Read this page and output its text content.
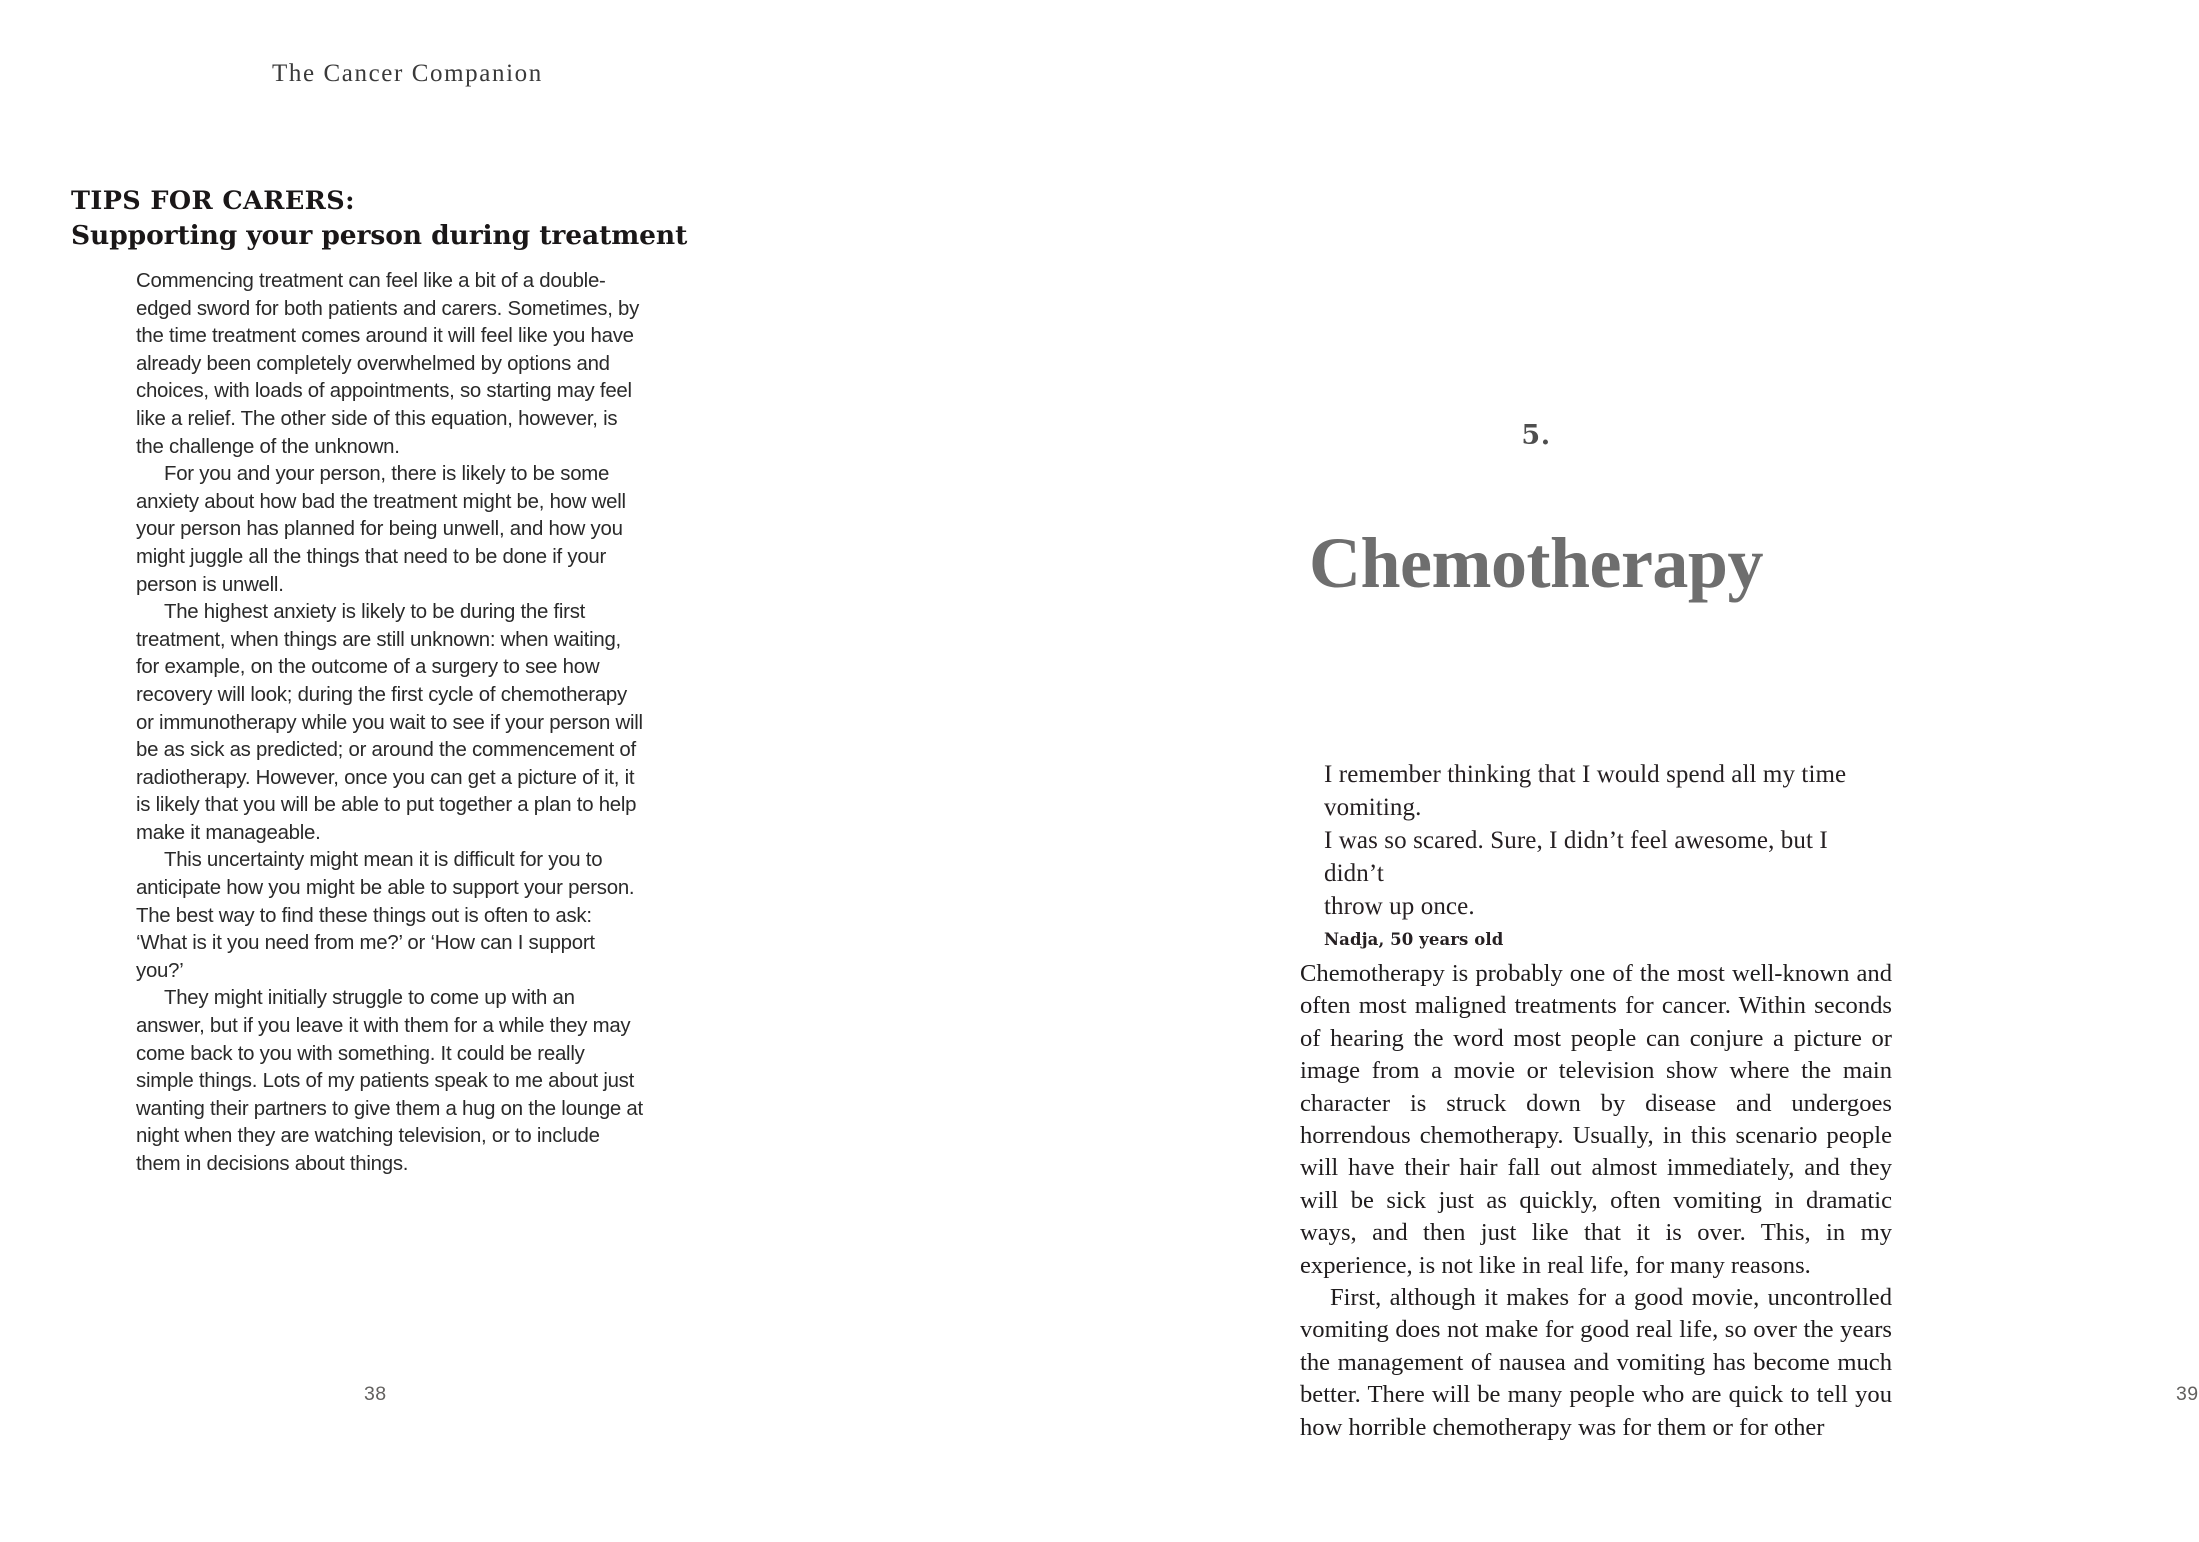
The Cancer Companion
TIPS FOR CARERS:
Supporting your person during treatment

Commencing treatment can feel like a bit of a double-edged sword for both patients and carers. Sometimes, by the time treatment comes around it will feel like you have already been completely overwhelmed by options and choices, with loads of appointments, so starting may feel like a relief. The other side of this equation, however, is the challenge of the unknown.

For you and your person, there is likely to be some anxiety about how bad the treatment might be, how well your person has planned for being unwell, and how you might juggle all the things that need to be done if your person is unwell.

The highest anxiety is likely to be during the first treatment, when things are still unknown: when waiting, for example, on the outcome of a surgery to see how recovery will look; during the first cycle of chemotherapy or immunotherapy while you wait to see if your person will be as sick as predicted; or around the commencement of radiotherapy. However, once you can get a picture of it, it is likely that you will be able to put together a plan to help make it manageable.

This uncertainty might mean it is difficult for you to anticipate how you might be able to support your person. The best way to find these things out is often to ask: ‘What is it you need from me?’ or ‘How can I support you?’

They might initially struggle to come up with an answer, but if you leave it with them for a while they may come back to you with something. It could be really simple things. Lots of my patients speak to me about just wanting their partners to give them a hug on the lounge at night when they are watching television, or to include them in decisions about things.

38
5.
Chemotherapy

I remember thinking that I would spend all my time vomiting.

I was so scared. Sure, I didn’t feel awesome, but I didn’t

throw up once.

Nadja, 50 years old

Chemotherapy is probably one of the most well-known and often most maligned treatments for cancer. Within seconds of hearing the word most people can conjure a picture or image from a movie or television show where the main character is struck down by disease and undergoes horrendous chemotherapy. Usually, in this scenario people will have their hair fall out almost immediately, and they will be sick just as quickly, often vomiting in dramatic ways, and then just like that it is over. This, in my experience, is not like in real life, for many reasons.

First, although it makes for a good movie, uncontrolled vomiting does not make for good real life, so over the years the management of nausea and vomiting has become much better. There will be many people who are quick to tell you how horrible chemotherapy was for them or for other

39
